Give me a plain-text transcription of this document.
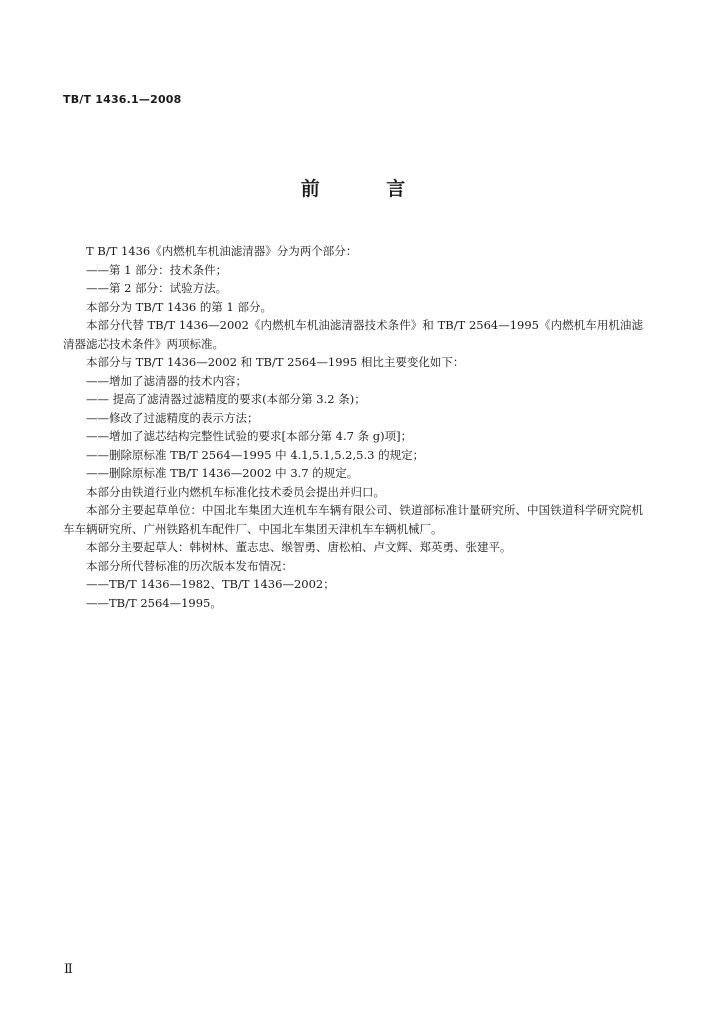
TB/T 1436.1—2008
前 言

T B/T 1436《内燃机车机油滤清器》分为两个部分：

——第 1 部分：技术条件；

——第 2 部分：试验方法。

本部分为 TB/T 1436 的第 1 部分。

本部分代替 TB/T 1436—2002《内燃机车机油滤清器技术条件》和 TB/T 2564—1995《内燃机车用机油滤清器滤芯技术条件》两项标准。

本部分与 TB/T 1436—2002 和 TB/T 2564—1995 相比主要变化如下：

——增加了滤清器的技术内容；

—— 提高了滤清器过滤精度的要求(本部分第 3.2 条)；

——修改了过滤精度的表示方法；

——增加了滤芯结构完整性试验的要求[本部分第 4.7 条 g)项]；

——删除原标准 TB/T 2564—1995 中 4.1,5.1,5.2,5.3 的规定；

——删除原标准 TB/T 1436—2002 中 3.7 的规定。

本部分由铁道行业内燃机车标准化技术委员会提出并归口。

本部分主要起草单位：中国北车集团大连机车车辆有限公司、铁道部标准计量研究所、中国铁道科学研究院机车车辆研究所、广州铁路机车配件厂、中国北车集团天津机车车辆机械厂。

本部分主要起草人：韩树林、董志忠、缑智勇、唐松柏、卢文辉、郑英勇、张建平。

本部分所代替标准的历次版本发布情况：

——TB/T 1436—1982、TB/T 1436—2002；

——TB/T 2564—1995。

Ⅱ
